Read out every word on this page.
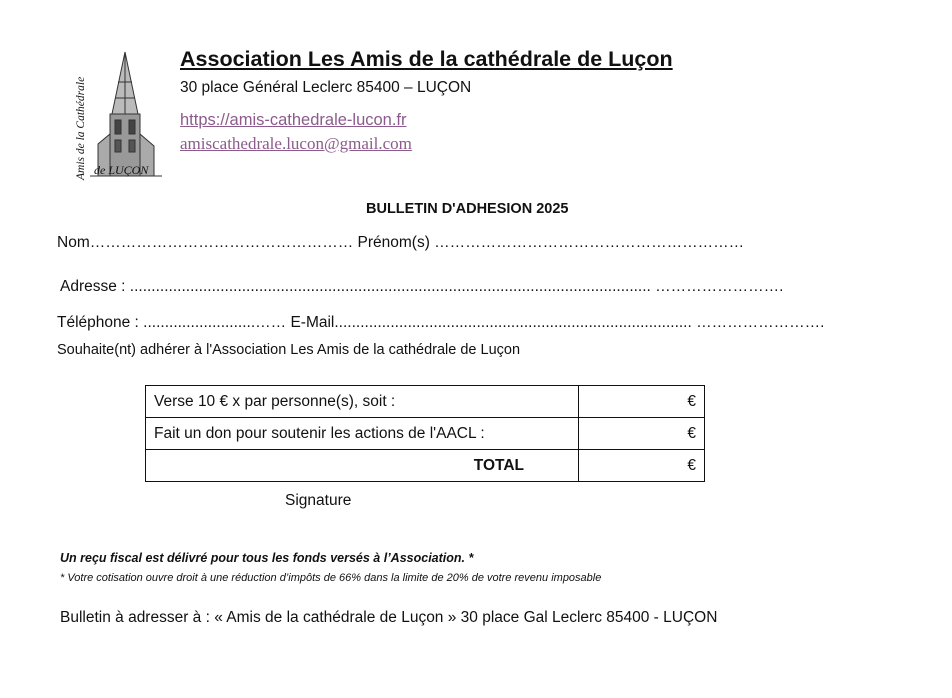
Amis de la Cathédrale de LUÇON
Association Les Amis de la cathédrale de Luçon
30 place Général Leclerc 85400 – LUÇON
https://amis-cathedrale-lucon.fr
amiscathedrale.lucon@gmail.com
BULLETIN D'ADHESION 2025
Nom…………………………………………… Prénom(s) ……………………………………………………
Adresse : ......................................................................................................................... …………………….
Téléphone : ..........................…… E-Mail................................................................................... …………………….
Souhaite(nt) adhérer à l'Association Les Amis de la cathédrale de Luçon
Verse 10 € x par personne(s), soit :	€
Fait un don pour soutenir les actions de l'AACL :	€
TOTAL	€
Signature
Un reçu fiscal est délivré pour tous les fonds versés à l’Association. *
* Votre cotisation ouvre droit à une réduction d’impôts de 66% dans la limite de 20% de votre revenu imposable
Bulletin à adresser à : « Amis de la cathédrale de Luçon » 30 place Gal Leclerc 85400 - LUÇON
